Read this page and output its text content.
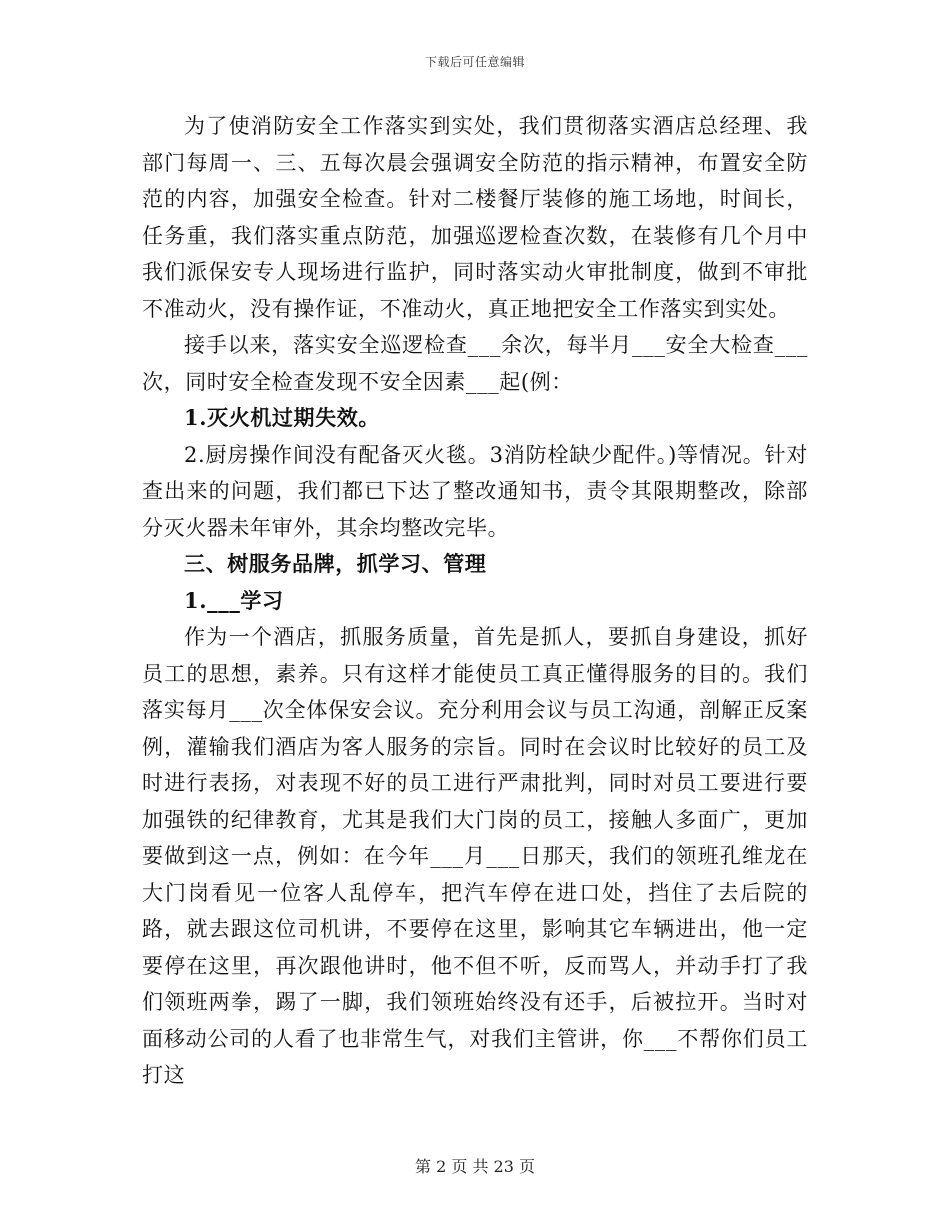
下载后可任意编辑

为了使消防安全工作落实到实处，我们贯彻落实酒店总经理、我部门每周一、三、五每次晨会强调安全防范的指示精神，布置安全防范的内容，加强安全检查。针对二楼餐厅装修的施工场地，时间长，任务重，我们落实重点防范，加强巡逻检查次数，在装修有几个月中我们派保安专人现场进行监护，同时落实动火审批制度，做到不审批不准动火，没有操作证，不准动火，真正地把安全工作落实到实处。

接手以来，落实安全巡逻检查___余次，每半月___安全大检查___次，同时安全检查发现不安全因素___起(例：

1.灭火机过期失效。

2.厨房操作间没有配备灭火毯。3消防栓缺少配件。)等情况。针对查出来的问题，我们都已下达了整改通知书，责令其限期整改，除部分灭火器未年审外，其余均整改完毕。

三、树服务品牌，抓学习、管理

1.___学习

作为一个酒店，抓服务质量，首先是抓人，要抓自身建设，抓好员工的思想，素养。只有这样才能使员工真正懂得服务的目的。我们落实每月___次全体保安会议。充分利用会议与员工沟通，剖解正反案例，灌输我们酒店为客人服务的宗旨。同时在会议时比较好的员工及时进行表扬，对表现不好的员工进行严肃批判，同时对员工要进行要加强铁的纪律教育，尤其是我们大门岗的员工，接触人多面广，更加要做到这一点，例如：在今年___月___日那天，我们的领班孔维龙在大门岗看见一位客人乱停车，把汽车停在进口处，挡住了去后院的路，就去跟这位司机讲，不要停在这里，影响其它车辆进出，他一定要停在这里，再次跟他讲时，他不但不听，反而骂人，并动手打了我们领班两拳，踢了一脚，我们领班始终没有还手，后被拉开。当时对面移动公司的人看了也非常生气，对我们主管讲，你___不帮你们员工打这

第 2 页 共 23 页
